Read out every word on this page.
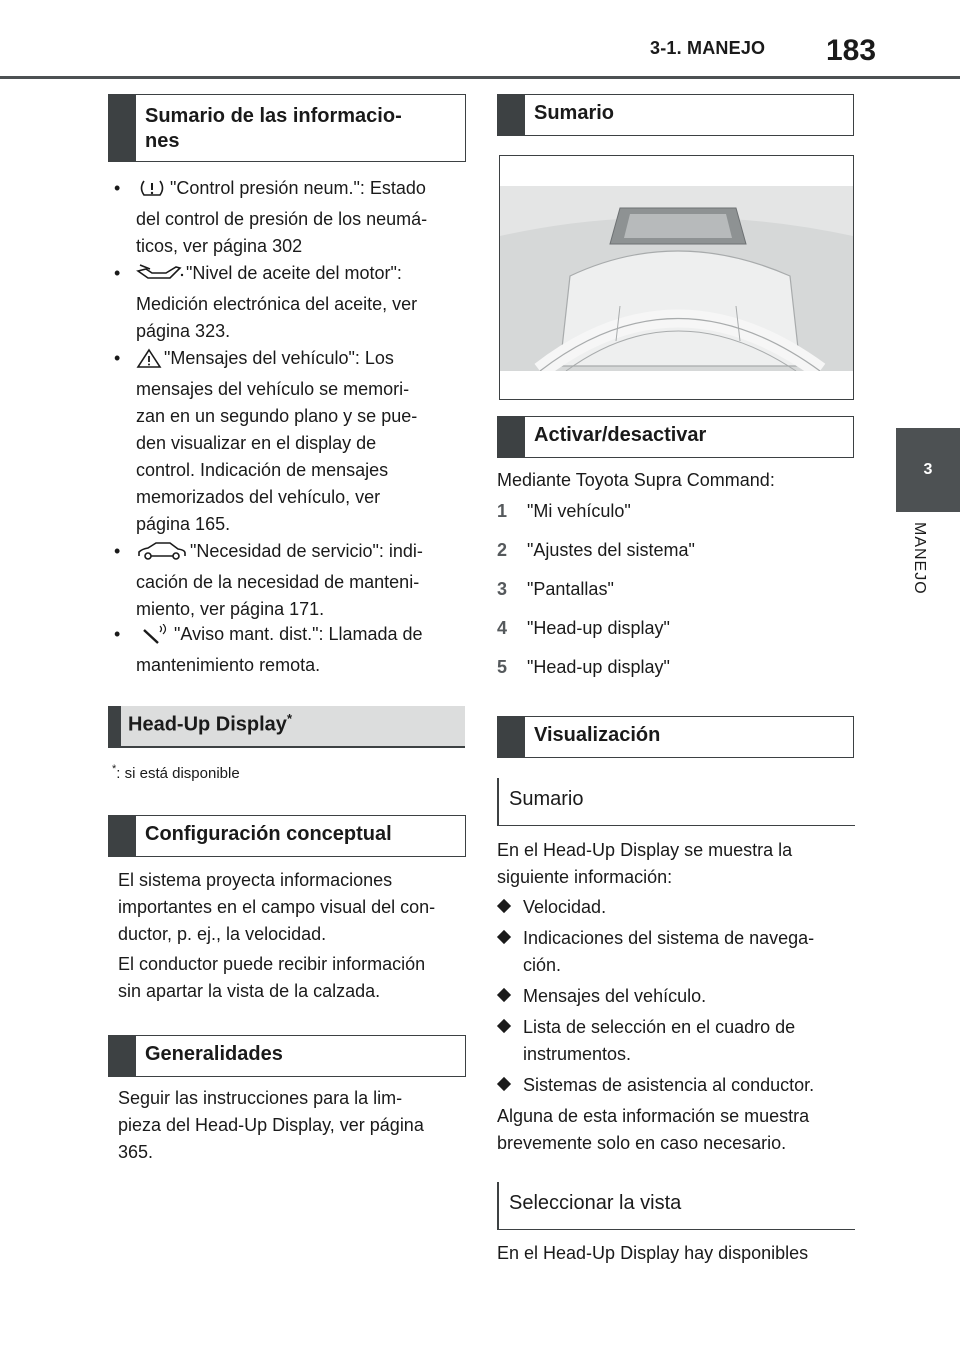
3-1. MANEJO 183
3
MANEJO
Sumario de las informacio-
nes
•	"Control presión neum.": Estado
del control de presión de los neumá-
ticos, ver página 302
•	"Nivel de aceite del motor":
Medición electrónica del aceite, ver
página 323.
•	"Mensajes del vehículo": Los
mensajes del vehículo se memori-
zan en un segundo plano y se pue-
den visualizar en el display de
control. Indicación de mensajes
memorizados del vehículo, ver
página 165.
•	"Necesidad de servicio": indi-
cación de la necesidad de manteni-
miento, ver página 171.
•	"Aviso mant. dist.": Llamada de
mantenimiento remota.
Head-Up Display*
*: si está disponible
Configuración conceptual
El sistema proyecta informaciones
importantes en el campo visual del con-
ductor, p. ej., la velocidad.
El conductor puede recibir información
sin apartar la vista de la calzada.
Generalidades
Seguir las instrucciones para la lim-
pieza del Head-Up Display, ver página
365.
Sumario
Activar/desactivar
Mediante Toyota Supra Command:
1 "Mi vehículo"
2 "Ajustes del sistema"
3 "Pantallas"
4 "Head-up display"
5 "Head-up display"
Visualización
Sumario
En el Head-Up Display se muestra la
siguiente información:
Velocidad.
Indicaciones del sistema de navega-
ción.
Mensajes del vehículo.
Lista de selección en el cuadro de
instrumentos.
Sistemas de asistencia al conductor.
Alguna de esta información se muestra
brevemente solo en caso necesario.
Seleccionar la vista
En el Head-Up Display hay disponibles
